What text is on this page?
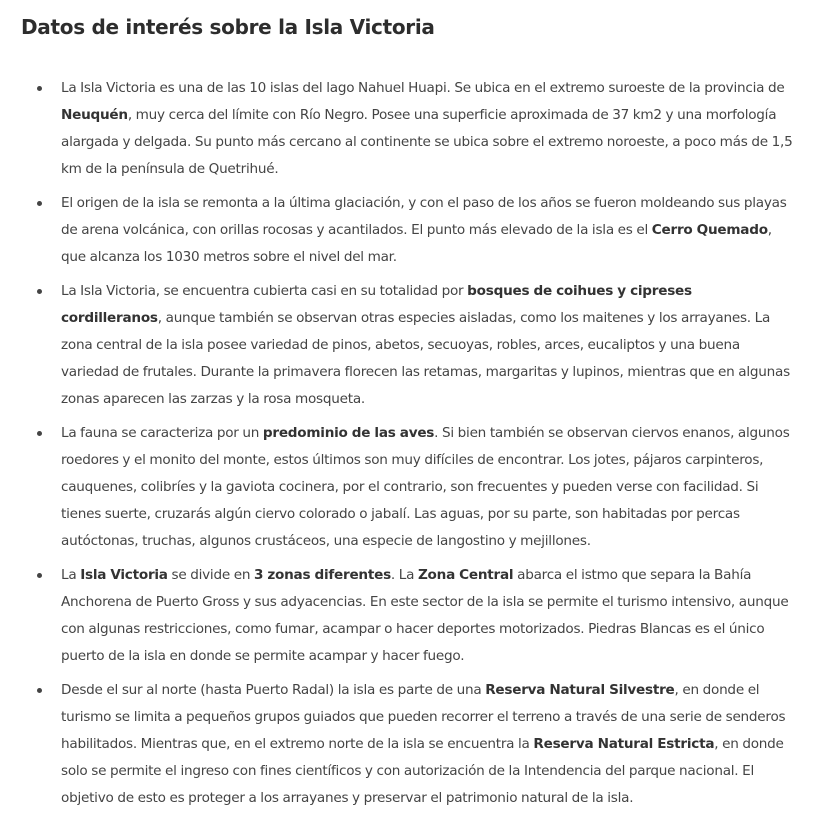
Datos de interés sobre la Isla Victoria
La Isla Victoria es una de las 10 islas del lago Nahuel Huapi. Se ubica en el extremo suroeste de la provincia de Neuquén, muy cerca del límite con Río Negro. Posee una superficie aproximada de 37 km2 y una morfología alargada y delgada. Su punto más cercano al continente se ubica sobre el extremo noroeste, a poco más de 1,5 km de la península de Quetrihué.
El origen de la isla se remonta a la última glaciación, y con el paso de los años se fueron moldeando sus playas de arena volcánica, con orillas rocosas y acantilados. El punto más elevado de la isla es el Cerro Quemado, que alcanza los 1030 metros sobre el nivel del mar.
La Isla Victoria, se encuentra cubierta casi en su totalidad por bosques de coihues y cipreses cordilleranos, aunque también se observan otras especies aisladas, como los maitenes y los arrayanes. La zona central de la isla posee variedad de pinos, abetos, secuoyas, robles, arces, eucaliptos y una buena variedad de frutales. Durante la primavera florecen las retamas, margaritas y lupinos, mientras que en algunas zonas aparecen las zarzas y la rosa mosqueta.
La fauna se caracteriza por un predominio de las aves. Si bien también se observan ciervos enanos, algunos roedores y el monito del monte, estos últimos son muy difíciles de encontrar. Los jotes, pájaros carpinteros, cauquenes, colibríes y la gaviota cocinera, por el contrario, son frecuentes y pueden verse con facilidad. Si tienes suerte, cruzarás algún ciervo colorado o jabalí. Las aguas, por su parte, son habitadas por percas autóctonas, truchas, algunos crustáceos, una especie de langostino y mejillones.
La Isla Victoria se divide en 3 zonas diferentes. La Zona Central abarca el istmo que separa la Bahía Anchorena de Puerto Gross y sus adyacencias. En este sector de la isla se permite el turismo intensivo, aunque con algunas restricciones, como fumar, acampar o hacer deportes motorizados. Piedras Blancas es el único puerto de la isla en donde se permite acampar y hacer fuego.
Desde el sur al norte (hasta Puerto Radal) la isla es parte de una Reserva Natural Silvestre, en donde el turismo se limita a pequeños grupos guiados que pueden recorrer el terreno a través de una serie de senderos habilitados. Mientras que, en el extremo norte de la isla se encuentra la Reserva Natural Estricta, en donde solo se permite el ingreso con fines científicos y con autorización de la Intendencia del parque nacional. El objetivo de esto es proteger a los arrayanes y preservar el patrimonio natural de la isla.
